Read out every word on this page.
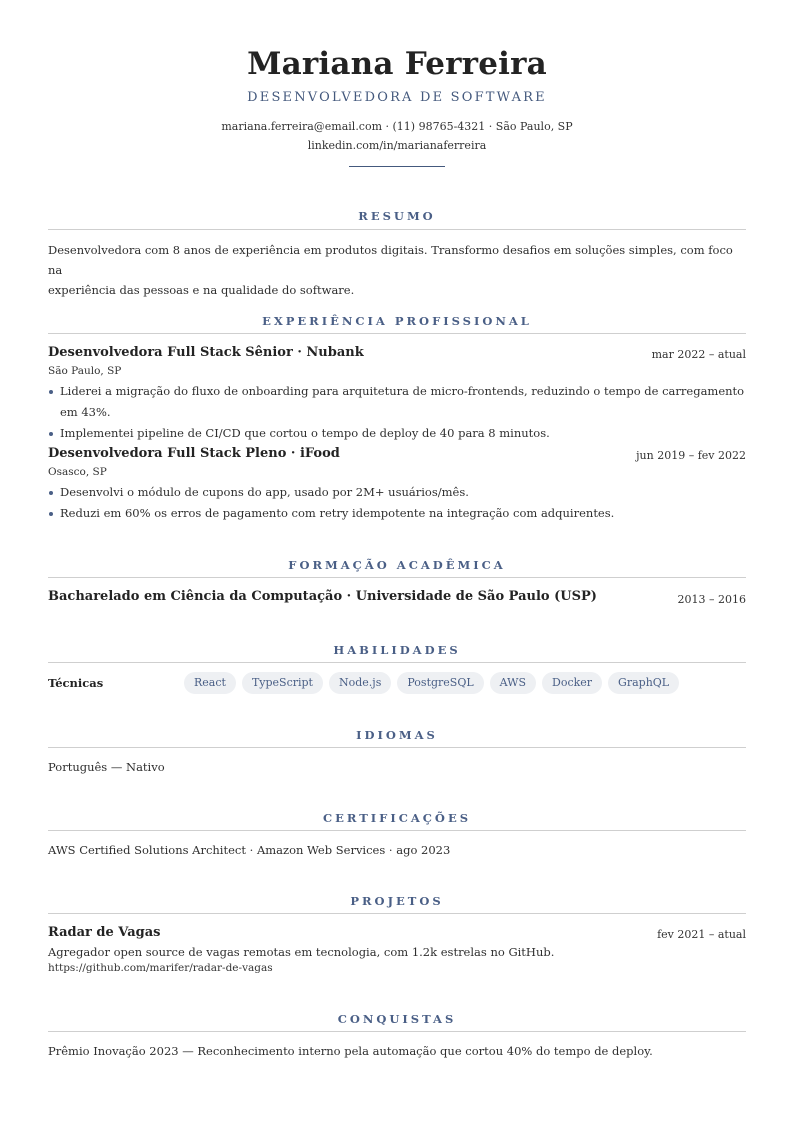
Mariana Ferreira
DESENVOLVEDORA DE SOFTWARE
mariana.ferreira@email.com · (11) 98765-4321 · São Paulo, SP
linkedin.com/in/marianaferreira
RESUMO
Desenvolvedora com 8 anos de experiência em produtos digitais. Transformo desafios em soluções simples, com foco na
experiência das pessoas e na qualidade do software.
EXPERIÊNCIA PROFISSIONAL
Desenvolvedora Full Stack Sênior · Nubank	mar 2022 – atual
São Paulo, SP
Liderei a migração do fluxo de onboarding para arquitetura de micro-frontends, reduzindo o tempo de carregamento em 43%.
Implementei pipeline de CI/CD que cortou o tempo de deploy de 40 para 8 minutos.
Desenvolvedora Full Stack Pleno · iFood	jun 2019 – fev 2022
Osasco, SP
Desenvolvi o módulo de cupons do app, usado por 2M+ usuários/mês.
Reduzi em 60% os erros de pagamento com retry idempotente na integração com adquirentes.
FORMAÇÃO ACADÊMICA
Bacharelado em Ciência da Computação · Universidade de São Paulo (USP)	2013 – 2016
HABILIDADES
Técnicas	React	TypeScript	Node.js	PostgreSQL	AWS	Docker	GraphQL
IDIOMAS
Português — Nativo
CERTIFICAÇÕES
AWS Certified Solutions Architect · Amazon Web Services · ago 2023
PROJETOS
Radar de Vagas	fev 2021 – atual
Agregador open source de vagas remotas em tecnologia, com 1.2k estrelas no GitHub.
https://github.com/marifer/radar-de-vagas
CONQUISTAS
Prêmio Inovação 2023 — Reconhecimento interno pela automação que cortou 40% do tempo de deploy.
